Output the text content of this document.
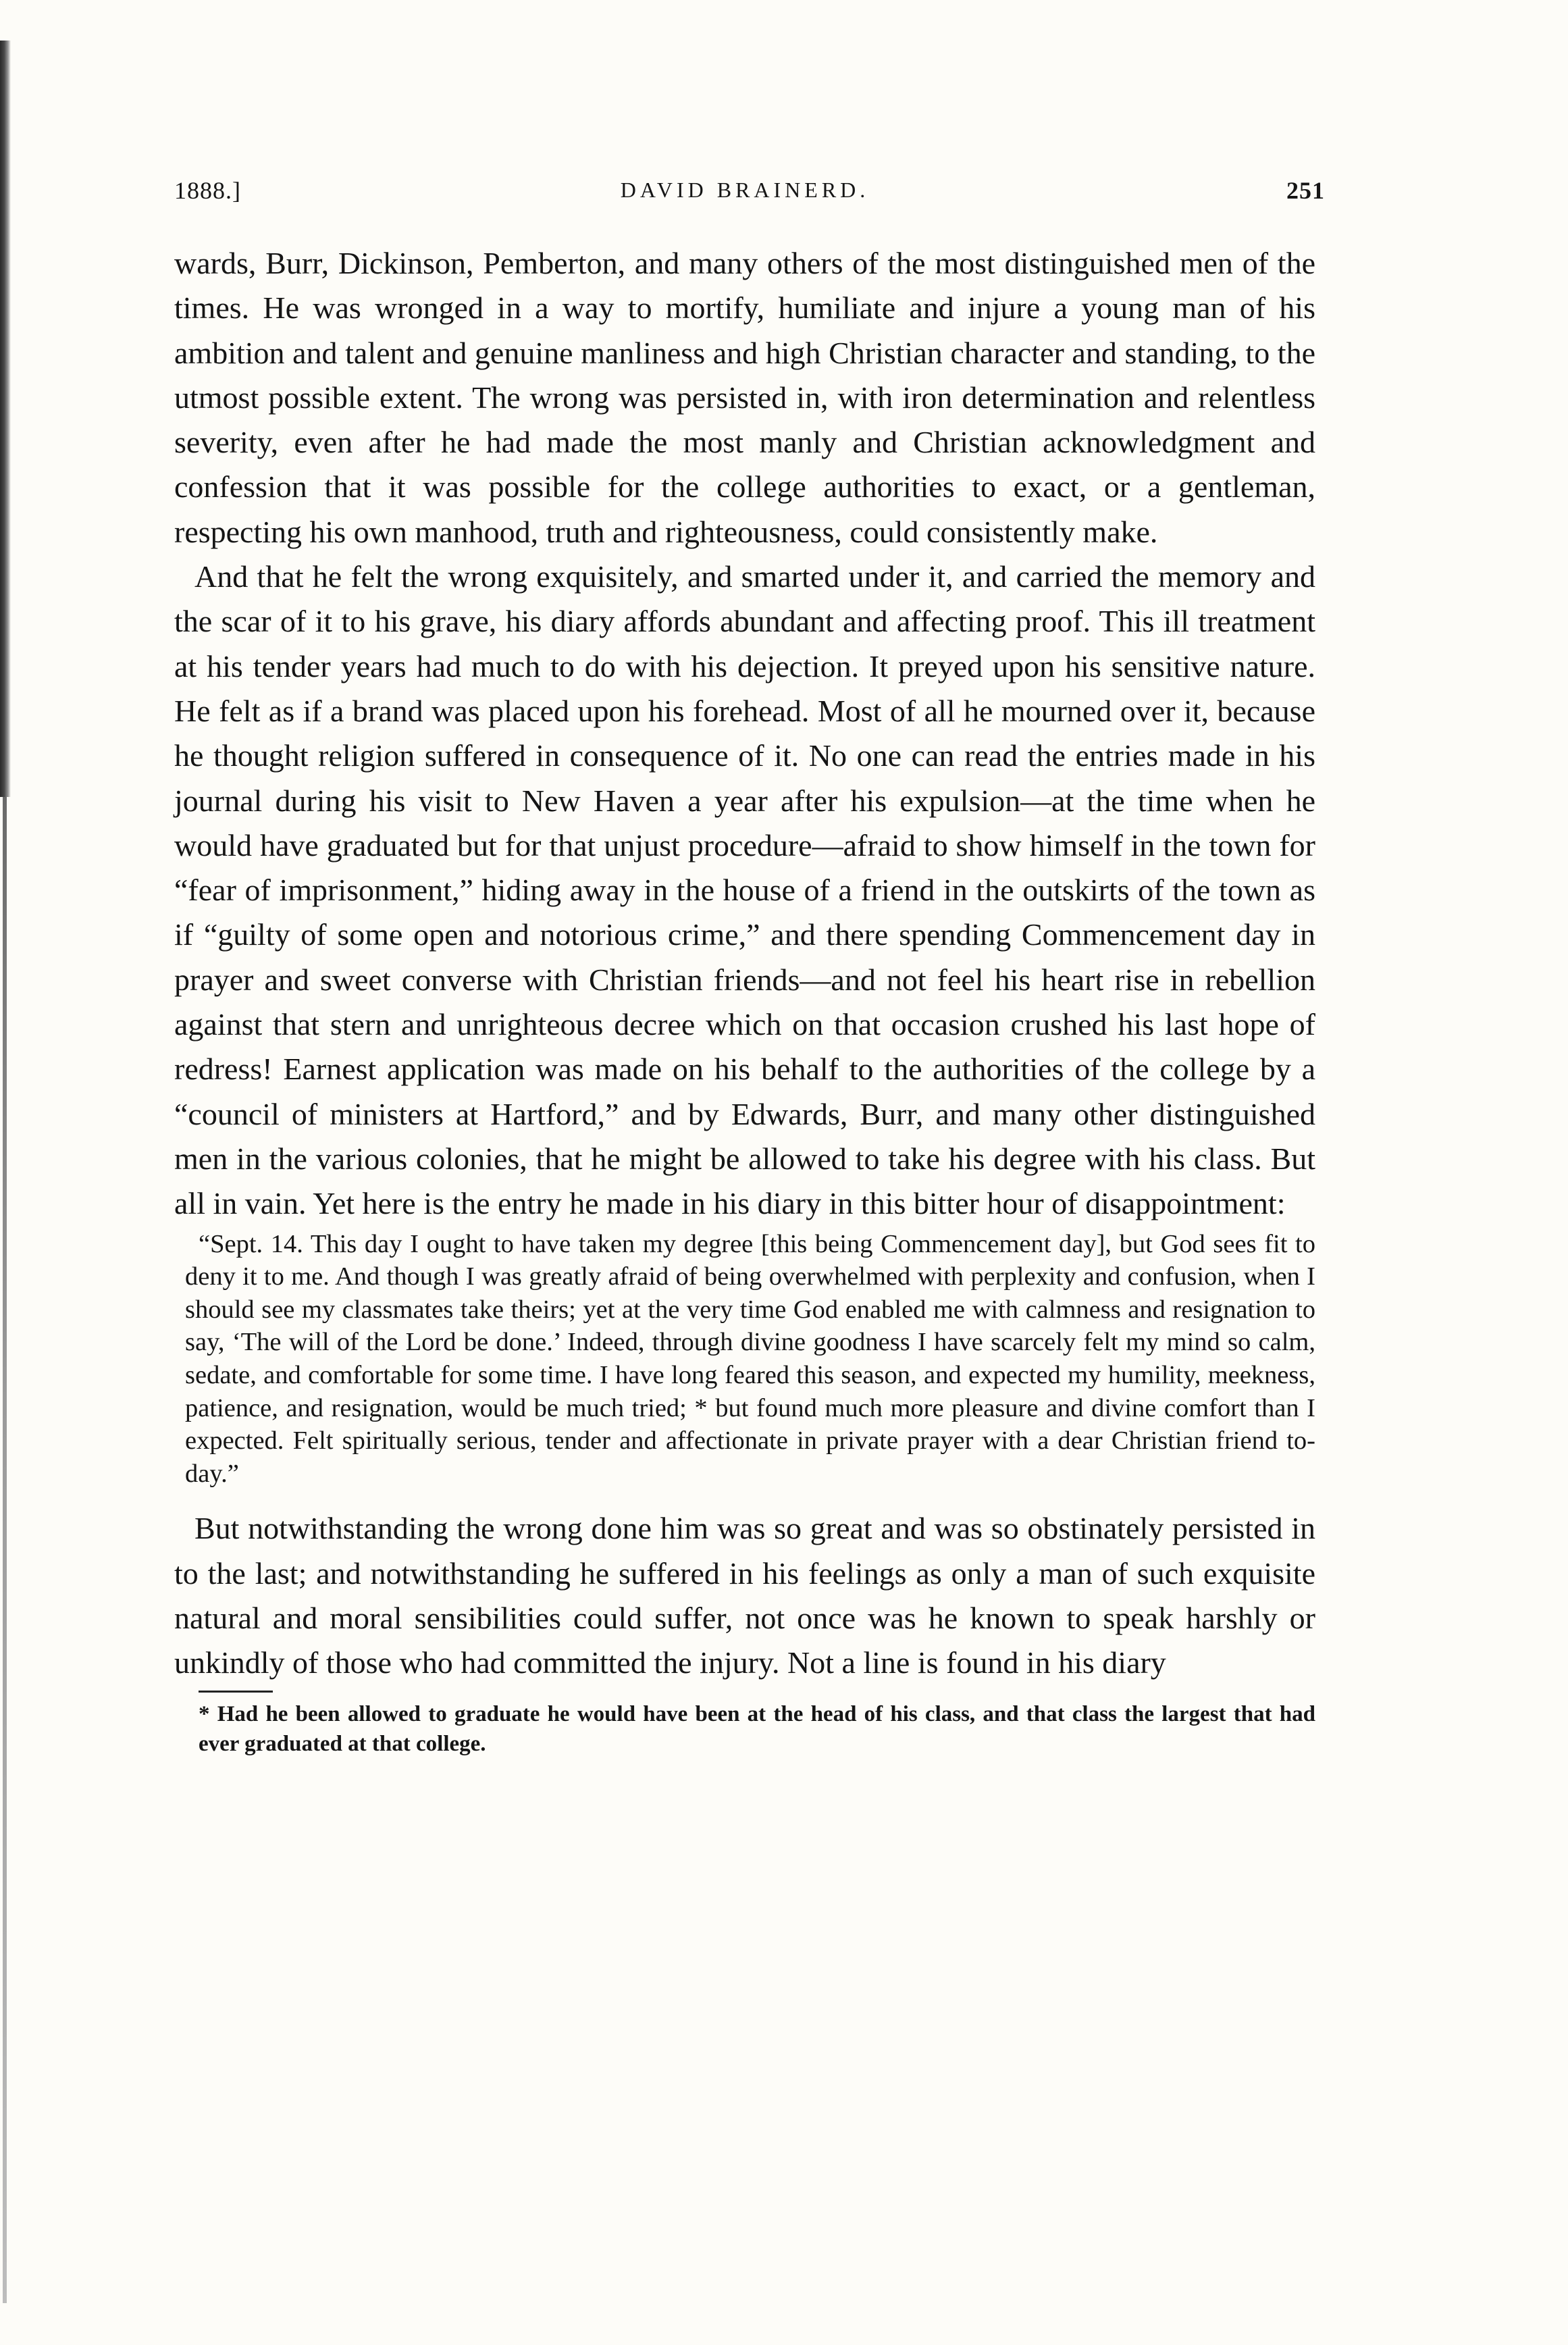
1888.]	DAVID BRAINERD.	251

wards, Burr, Dickinson, Pemberton, and many others of the most distinguished men of the times. He was wronged in a way to mortify, humiliate and injure a young man of his ambition and talent and genuine manliness and high Christian character and standing, to the utmost possible extent. The wrong was persisted in, with iron determination and relentless severity, even after he had made the most manly and Christian acknowledgment and confession that it was possible for the college authorities to exact, or a gentleman, respecting his own manhood, truth and righteousness, could consistently make.

And that he felt the wrong exquisitely, and smarted under it, and carried the memory and the scar of it to his grave, his diary affords abundant and affecting proof. This ill treatment at his tender years had much to do with his dejection. It preyed upon his sensitive nature. He felt as if a brand was placed upon his forehead. Most of all he mourned over it, because he thought religion suffered in consequence of it. No one can read the entries made in his journal during his visit to New Haven a year after his expulsion—at the time when he would have graduated but for that unjust procedure—afraid to show himself in the town for “fear of imprisonment,” hiding away in the house of a friend in the outskirts of the town as if “guilty of some open and notorious crime,” and there spending Commencement day in prayer and sweet converse with Christian friends—and not feel his heart rise in rebellion against that stern and unrighteous decree which on that occasion crushed his last hope of redress! Earnest application was made on his behalf to the authorities of the college by a “council of ministers at Hartford,” and by Edwards, Burr, and many other distinguished men in the various colonies, that he might be allowed to take his degree with his class. But all in vain. Yet here is the entry he made in his diary in this bitter hour of disappointment:

“Sept. 14. This day I ought to have taken my degree [this being Commencement day], but God sees fit to deny it to me. And though I was greatly afraid of being overwhelmed with perplexity and confusion, when I should see my classmates take theirs; yet at the very time God enabled me with calmness and resignation to say, ‘The will of the Lord be done.’ Indeed, through divine goodness I have scarcely felt my mind so calm, sedate, and comfortable for some time. I have long feared this season, and expected my humility, meekness, patience, and resignation, would be much tried; * but found much more pleasure and divine comfort than I expected. Felt spiritually serious, tender and affectionate in private prayer with a dear Christian friend to-day.”

But notwithstanding the wrong done him was so great and was so obstinately persisted in to the last; and notwithstanding he suffered in his feelings as only a man of such exquisite natural and moral sensibilities could suffer, not once was he known to speak harshly or unkindly of those who had committed the injury. Not a line is found in his diary

* Had he been allowed to graduate he would have been at the head of his class, and that class the largest that had ever graduated at that college.
